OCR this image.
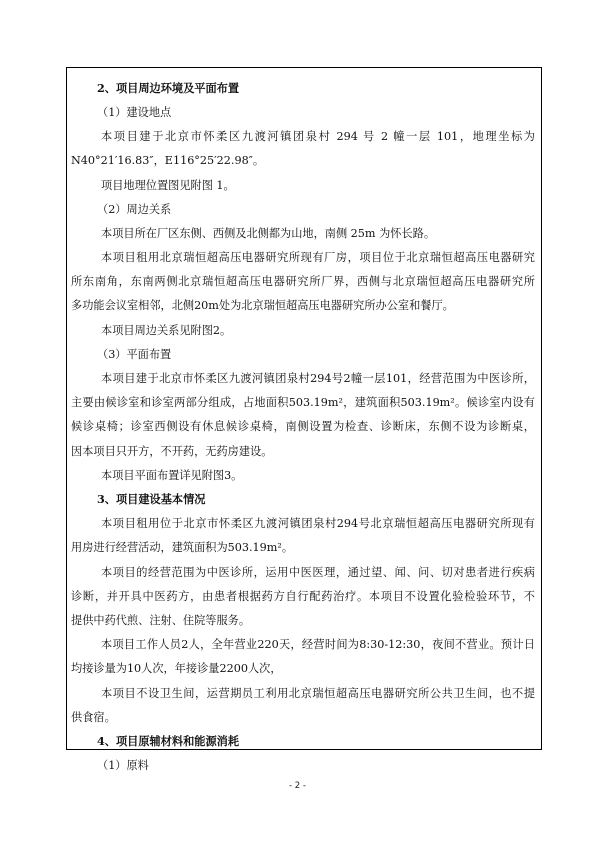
2、项目周边环境及平面布置
（1）建设地点
本项目建于北京市怀柔区九渡河镇团泉村 294 号 2 幢一层 101，地理坐标为
N40°21′16.83″，E116°25′22.98″。
项目地理位置图见附图 1。
（2）周边关系
本项目所在厂区东侧、西侧及北侧都为山地，南侧 25m 为怀长路。
本项目租用北京瑞恒超高压电器研究所现有厂房，项目位于北京瑞恒超高压电器研究
所东南角，东南两侧北京瑞恒超高压电器研究所厂界，西侧与北京瑞恒超高压电器研究所
多功能会议室相邻，北侧20m处为北京瑞恒超高压电器研究所办公室和餐厅。
本项目周边关系见附图2。
（3）平面布置
本项目建于北京市怀柔区九渡河镇团泉村294号2幢一层101，经营范围为中医诊所，
主要由候诊室和诊室两部分组成，占地面积503.19m²，建筑面积503.19m²。候诊室内设有
候诊桌椅；诊室西侧设有休息候诊桌椅，南侧设置为检查、诊断床，东侧不设为诊断桌，
因本项目只开方，不开药，无药房建设。
本项目平面布置详见附图3。
3、项目建设基本情况
本项目租用位于北京市怀柔区九渡河镇团泉村294号北京瑞恒超高压电器研究所现有
用房进行经营活动，建筑面积为503.19m²。
本项目的经营范围为中医诊所，运用中医医理，通过望、闻、问、切对患者进行疾病
诊断，并开具中医药方，由患者根据药方自行配药治疗。本项目不设置化验检验环节，不
提供中药代煎、注射、住院等服务。
本项目工作人员2人，全年营业220天，经营时间为8:30-12:30，夜间不营业。预计日
均接诊量为10人次，年接诊量2200人次，
本项目不设卫生间，运营期员工利用北京瑞恒超高压电器研究所公共卫生间，也不提
供食宿。
4、项目原辅材料和能源消耗
（1）原料
- 2 -
